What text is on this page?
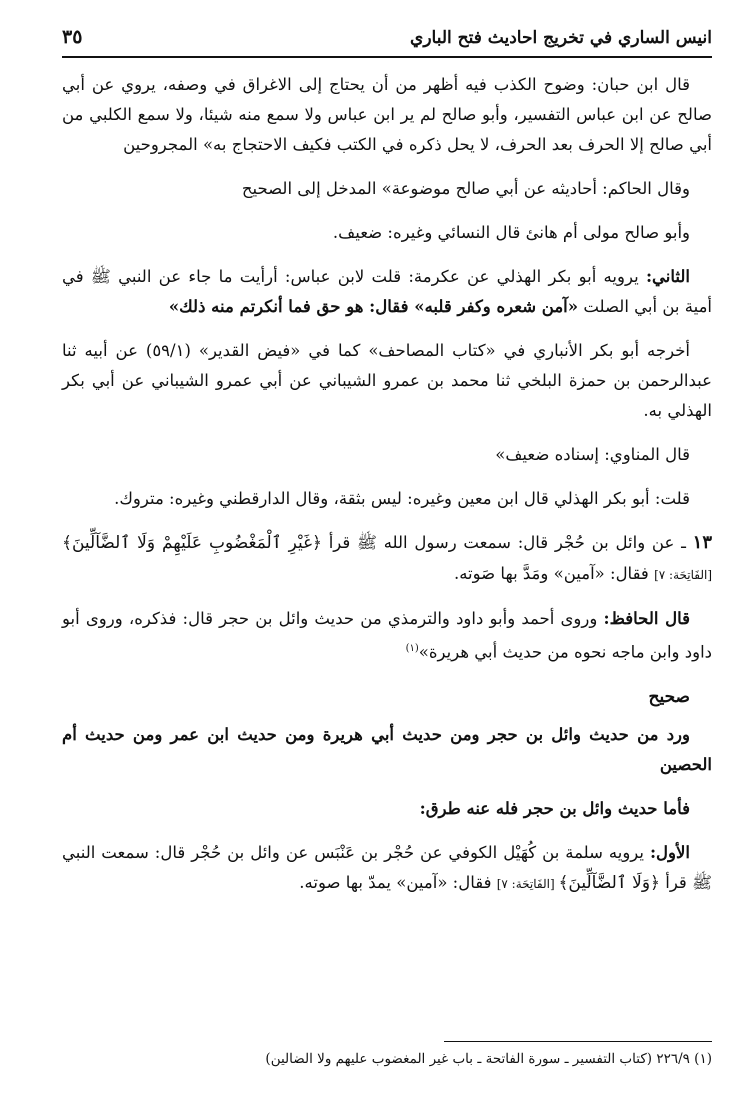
انيس الساري في تخريج احاديث فتح الباري
٣٥

قال ابن حبان: وضوح الكذب فيه أظهر من أن يحتاج إلى الاغراق في وصفه، يروي عن أبي صالح عن ابن عباس التفسير، وأبو صالح لم ير ابن عباس ولا سمع منه شيئا، ولا سمع الكلبي من أبي صالح إلا الحرف بعد الحرف، لا يحل ذكره في الكتب فكيف الاحتجاج به» المجروحين

وقال الحاكم: أحاديثه عن أبي صالح موضوعة» المدخل إلى الصحيح

وأبو صالح مولى أم هانئ قال النسائي وغيره: ضعيف.

الثاني: يرويه أبو بكر الهذلي عن عكرمة: قلت لابن عباس: أرأيت ما جاء عن النبي ﷺ في أمية بن أبي الصلت «آمن شعره وكفر قلبه» فقال: هو حق فما أنكرتم منه ذلك»

أخرجه أبو بكر الأنباري في «كتاب المصاحف» كما في «فيض القدير» (٥٩/١) عن أبيه ثنا عبدالرحمن بن حمزة البلخي ثنا محمد بن عمرو الشيباني عن أبي عمرو الشيباني عن أبي بكر الهذلي به.

قال المناوي: إسناده ضعيف»

قلت: أبو بكر الهذلي قال ابن معين وغيره: ليس بثقة، وقال الدارقطني وغيره: متروك.

١٣ ـ عن وائل بن حُجْر قال: سمعت رسول الله ﷺ قرأ ﴿غَيْرِ ٱلْمَغْضُوبِ عَلَيْهِمْ وَلَا ٱلضَّآلِّينَ﴾ [الفَاتِحَة: ٧] فقال: «آمين» ومَدَّ بها صَوته.

قال الحافظ: وروى أحمد وأبو داود والترمذي من حديث وائل بن حجر قال: فذكره، وروى أبو داود وابن ماجه نحوه من حديث أبي هريرة»$^{(١)}$

صحيح

ورد من حديث وائل بن حجر ومن حديث أبي هريرة ومن حديث ابن عمر ومن حديث أم الحصين

فأما حديث وائل بن حجر فله عنه طرق:

الأول: يرويه سلمة بن كُهَيْل الكوفي عن حُجْر بن عَنْبَس عن وائل بن حُجْر قال: سمعت النبي ﷺ قرأ ﴿وَلَا ٱلضَّآلِّينَ﴾ [الفَاتِحَة: ٧] فقال: «آمين» يمدّ بها صوته.

(١) ٢٢٦/٩ (كتاب التفسير ـ سورة الفاتحة ـ باب غير المغضوب عليهم ولا الضالين)
